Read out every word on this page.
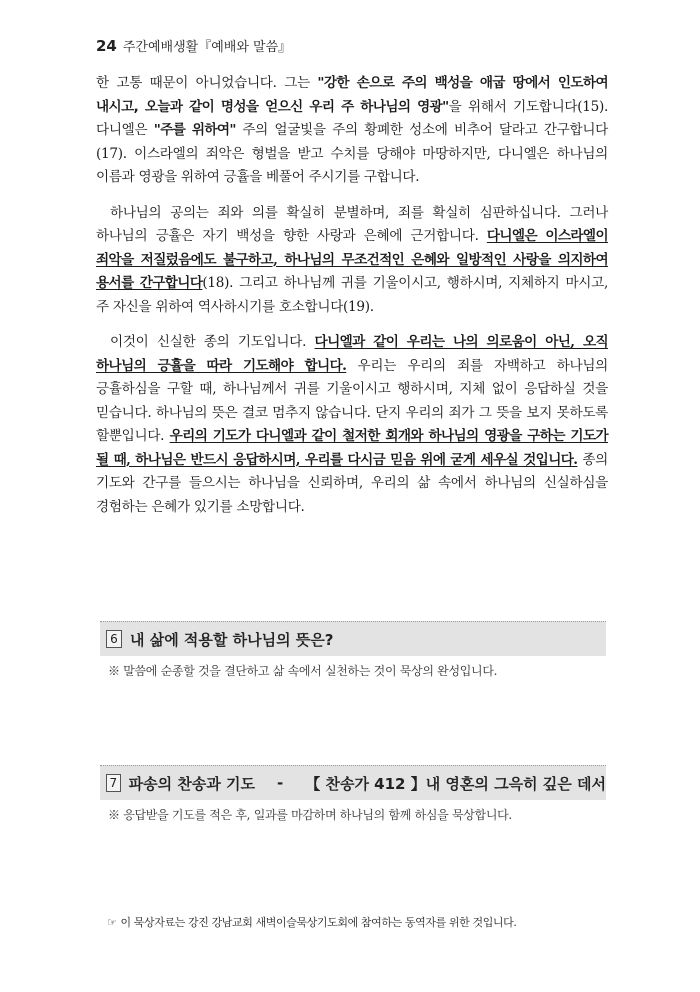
24 주간예배생활『예배와 말씀』

한 고통 때문이 아니었습니다. 그는 "강한 손으로 주의 백성을 애굽 땅에서 인도하여 내시고, 오늘과 같이 명성을 얻으신 우리 주 하나님의 영광"을 위해서 기도합니다(15). 다니엘은 "주를 위하여" 주의 얼굴빛을 주의 황폐한 성소에 비추어 달라고 간구합니다(17). 이스라엘의 죄악은 형벌을 받고 수치를 당해야 마땅하지만, 다니엘은 하나님의 이름과 영광을 위하여 긍휼을 베풀어 주시기를 구합니다.

하나님의 공의는 죄와 의를 확실히 분별하며, 죄를 확실히 심판하십니다. 그러나 하나님의 긍휼은 자기 백성을 향한 사랑과 은혜에 근거합니다. 다니엘은 이스라엘이 죄악을 저질렀음에도 불구하고, 하나님의 무조건적인 은혜와 일방적인 사랑을 의지하여 용서를 간구합니다(18). 그리고 하나님께 귀를 기울이시고, 행하시며, 지체하지 마시고, 주 자신을 위하여 역사하시기를 호소합니다(19).

이것이 신실한 종의 기도입니다. 다니엘과 같이 우리는 나의 의로움이 아닌, 오직 하나님의 긍휼을 따라 기도해야 합니다. 우리는 우리의 죄를 자백하고 하나님의 긍휼하심을 구할 때, 하나님께서 귀를 기울이시고 행하시며, 지체 없이 응답하실 것을 믿습니다. 하나님의 뜻은 결코 멈추지 않습니다. 단지 우리의 죄가 그 뜻을 보지 못하도록 할뿐입니다. 우리의 기도가 다니엘과 같이 철저한 회개와 하나님의 영광을 구하는 기도가 될 때, 하나님은 반드시 응답하시며, 우리를 다시금 믿음 위에 굳게 세우실 것입니다. 종의 기도와 간구를 들으시는 하나님을 신뢰하며, 우리의 삶 속에서 하나님의 신실하심을 경험하는 은혜가 있기를 소망합니다.

6 내 삶에 적용할 하나님의 뜻은?
※ 말씀에 순종할 것을 결단하고 삶 속에서 실천하는 것이 묵상의 완성입니다.
7 파송의 찬송과 기도 - 【 찬송가 412 】내 영혼의 그윽히 깊은 데서
※ 응답받을 기도를 적은 후, 일과를 마감하며 하나님의 함께 하심을 묵상합니다.
☞ 이 묵상자료는 강진 강남교회 새벽이슬묵상기도회에 참여하는 동역자를 위한 것입니다.
